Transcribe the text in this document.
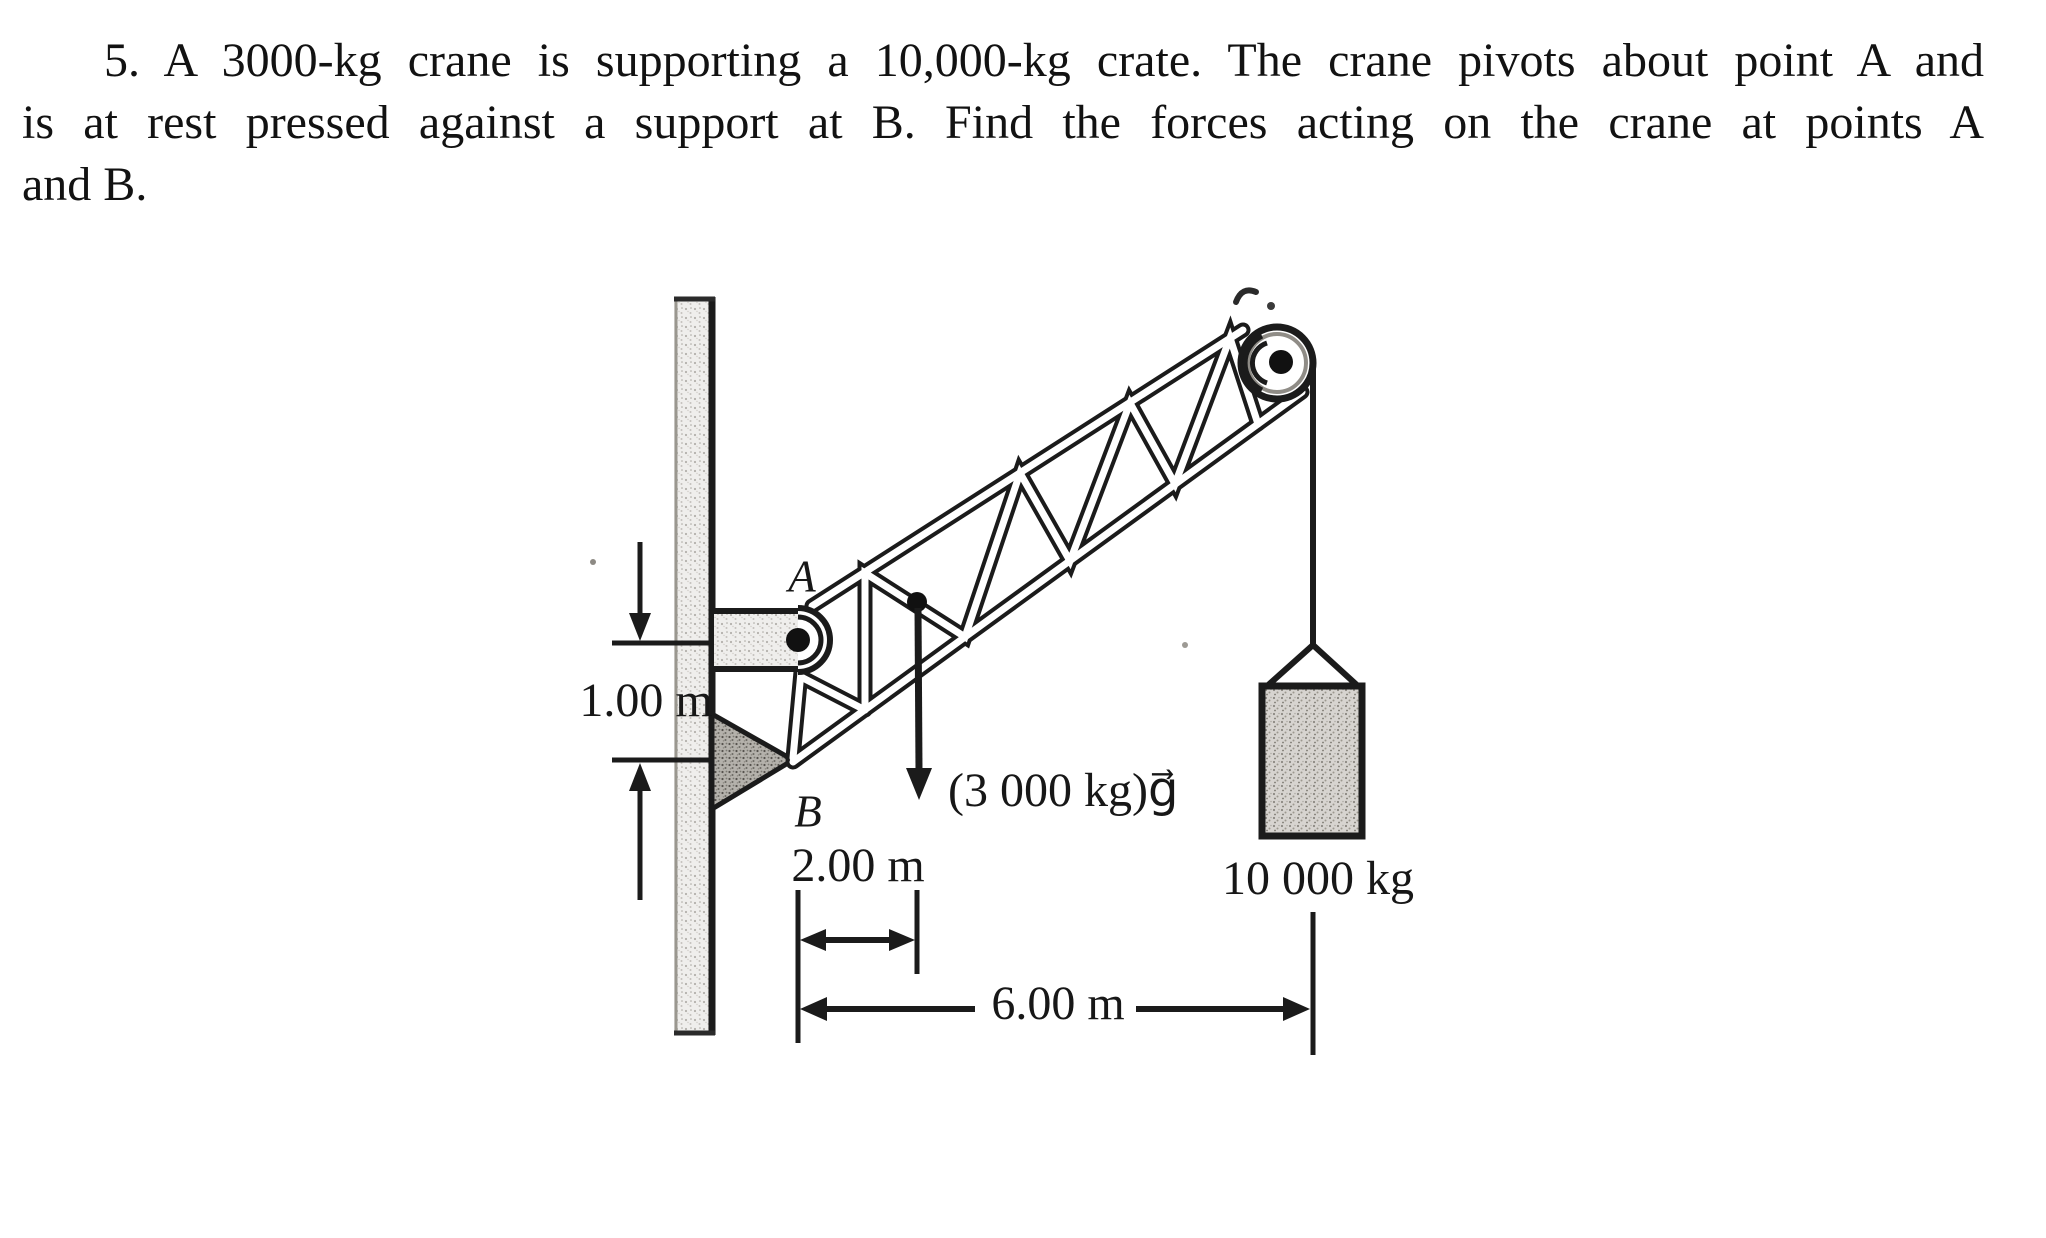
5. A 3000-kg crane is supporting a 10,000-kg crate. The crane pivots about point A and
is at rest pressed against a support at B. Find the forces acting on the crane at points A
and B.
A
B
1.00 m
2.00 m
6.00 m
10 000 kg
(3 000 kg)g⃗
